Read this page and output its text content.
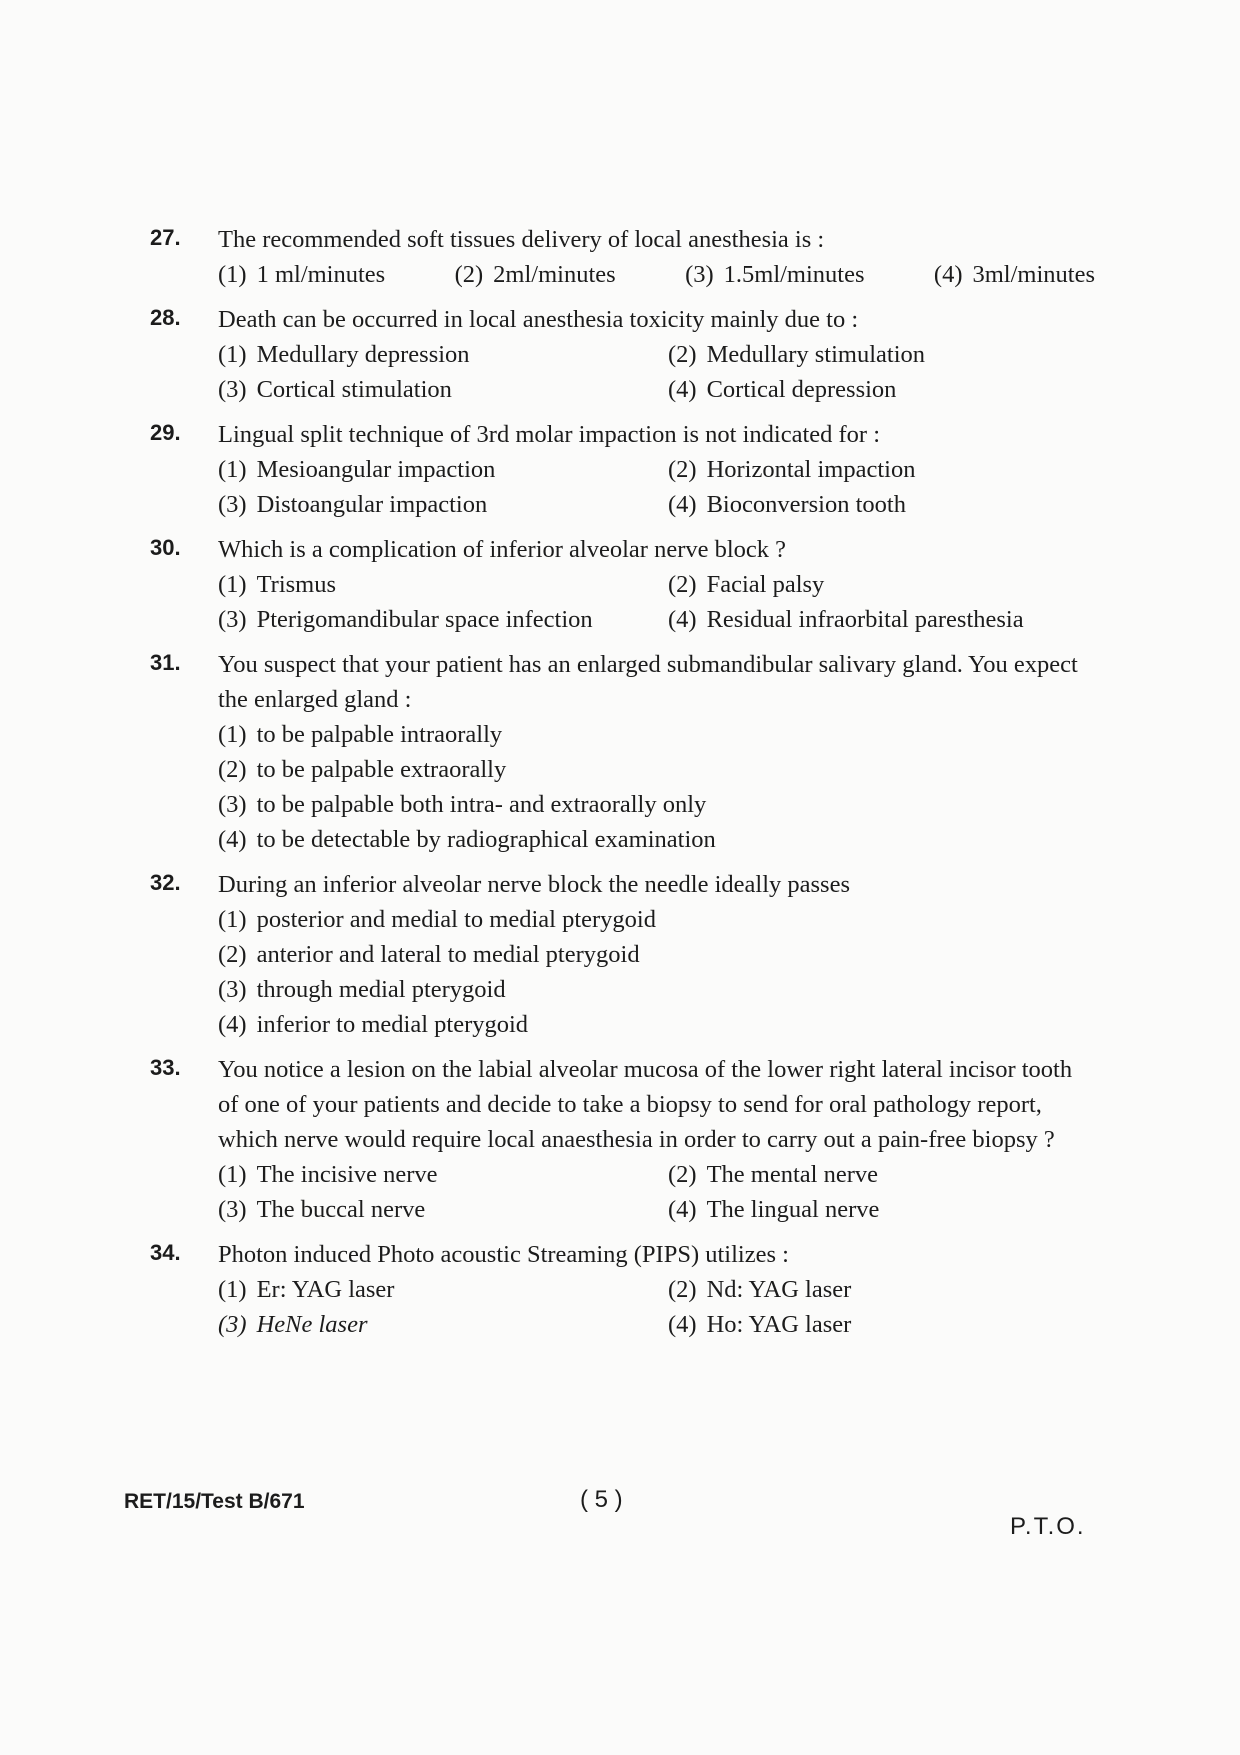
27.	The recommended soft tissues delivery of local anesthesia is :

(1) 1 ml/minutes	(2) 2ml/minutes	(3) 1.5ml/minutes	(4) 3ml/minutes
28.	Death can be occurred in local anesthesia toxicity mainly due to :

(1) Medullary depression	(2) Medullary stimulation
(3) Cortical stimulation	(4) Cortical depression
29.	Lingual split technique of 3rd molar impaction is not indicated for :

(1) Mesioangular impaction	(2) Horizontal impaction
(3) Distoangular impaction	(4) Bioconversion tooth
30.	Which is a complication of inferior alveolar nerve block ?

(1) Trismus	(2) Facial palsy
(3) Pterigomandibular space infection	(4) Residual infraorbital paresthesia
31.	You suspect that your patient has an enlarged submandibular salivary gland. You expect the enlarged gland :

(1) to be palpable intraorally
(2) to be palpable extraorally
(3) to be palpable both intra- and extraorally only
(4) to be detectable by radiographical examination
32.	During an inferior alveolar nerve block the needle ideally passes

(1) posterior and medial to medial pterygoid
(2) anterior and lateral to medial pterygoid
(3) through medial pterygoid
(4) inferior to medial pterygoid
33.	You notice a lesion on the labial alveolar mucosa of the lower right lateral incisor tooth of one of your patients and decide to take a biopsy to send for oral pathology report, which nerve would require local anaesthesia in order to carry out a pain-free biopsy ?

(1) The incisive nerve	(2) The mental nerve
(3) The buccal nerve	(4) The lingual nerve
34.	Photon induced Photo acoustic Streaming (PIPS) utilizes :

(1) Er: YAG laser	(2) Nd: YAG laser
(3) HeNe laser	(4) Ho: YAG laser
RET/15/Test B/671	( 5 )
P.T.O.
